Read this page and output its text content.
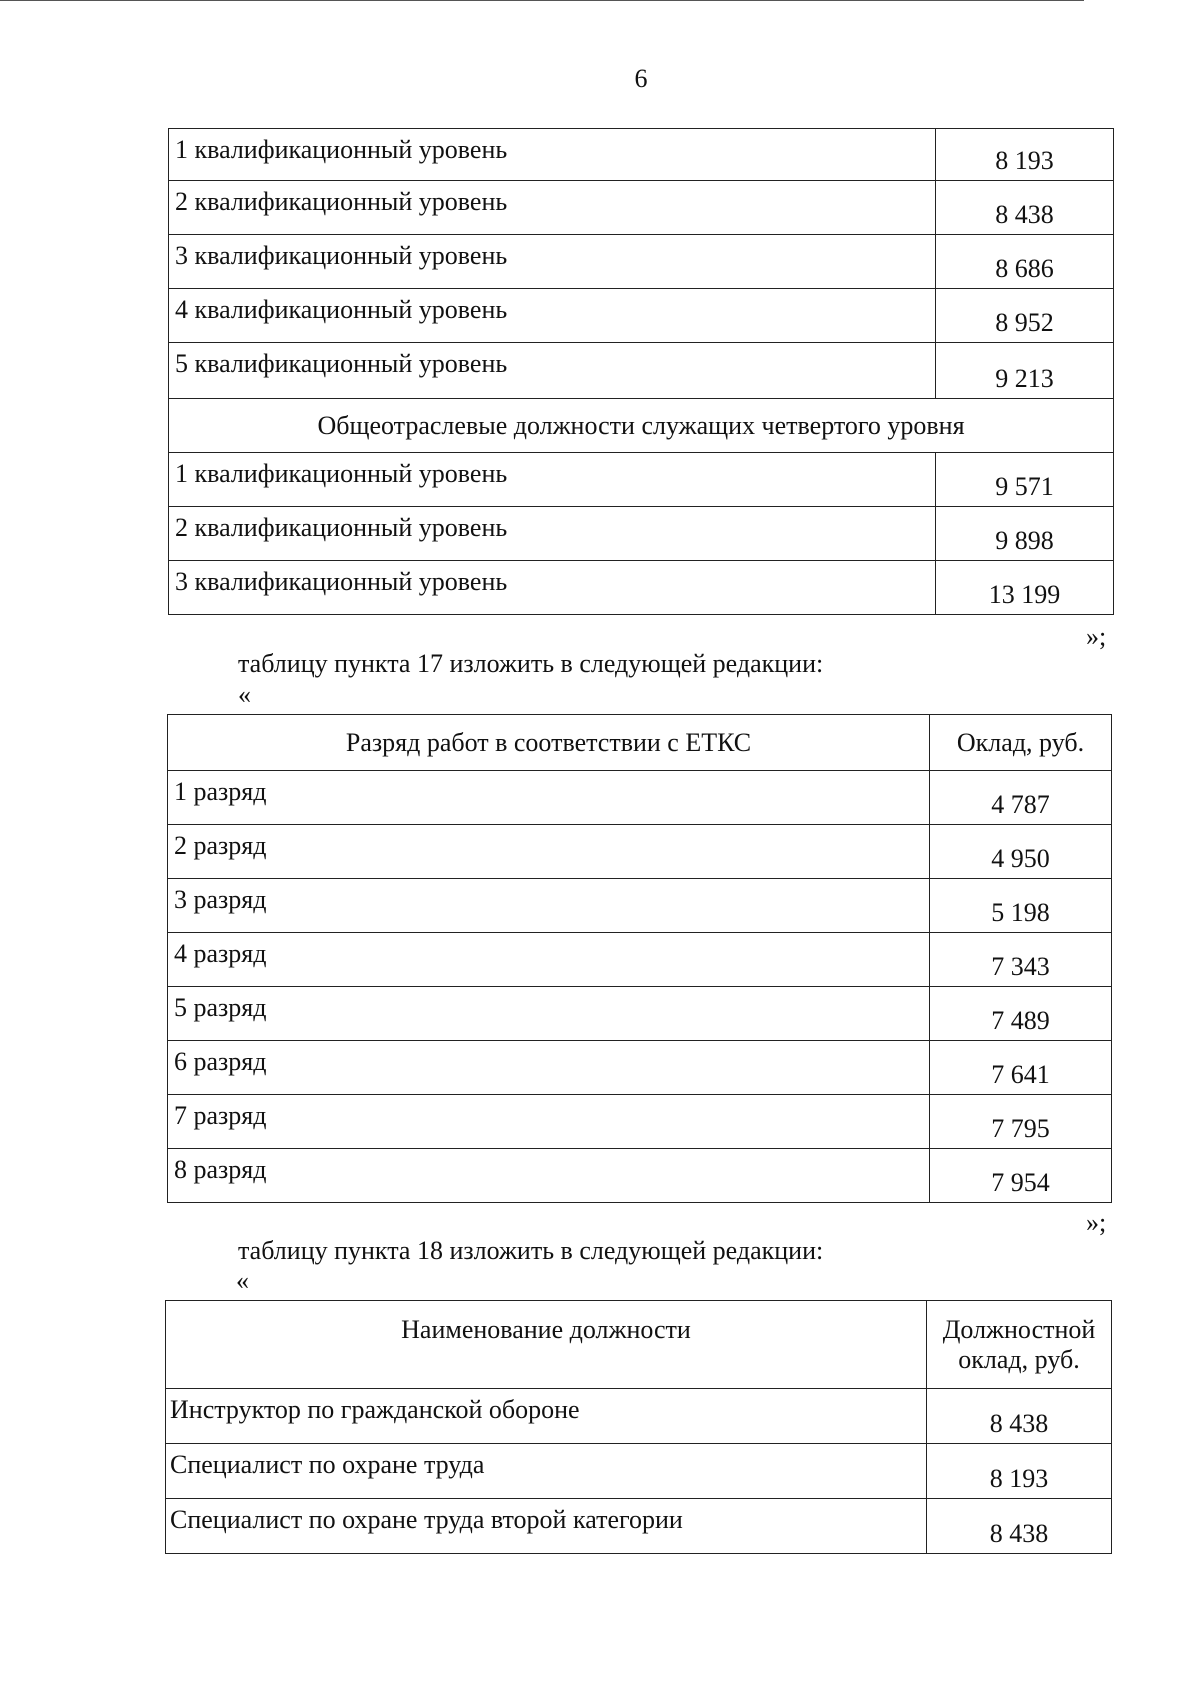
6
1 квалификационный уровень	8 193
2 квалификационный уровень	8 438
3 квалификационный уровень	8 686
4 квалификационный уровень	8 952
5 квалификационный уровень	9 213
Общеотраслевые должности служащих четвертого уровня	
1 квалификационный уровень	9 571
2 квалификационный уровень	9 898
3 квалификационный уровень	13 199
»;
таблицу пункта 17 изложить в следующей редакции:
«
Разряд работ в соответствии с ЕТКС	Оклад, руб.
1 разряд	4 787
2 разряд	4 950
3 разряд	5 198
4 разряд	7 343
5 разряд	7 489
6 разряд	7 641
7 разряд	7 795
8 разряд	7 954
»;
таблицу пункта 18 изложить в следующей редакции:
«
Наименование должности	Должностной
оклад, руб.

Инструктор по гражданской обороне	8 438
Специалист по охране труда	8 193
Специалист по охране труда второй категории	8 438
